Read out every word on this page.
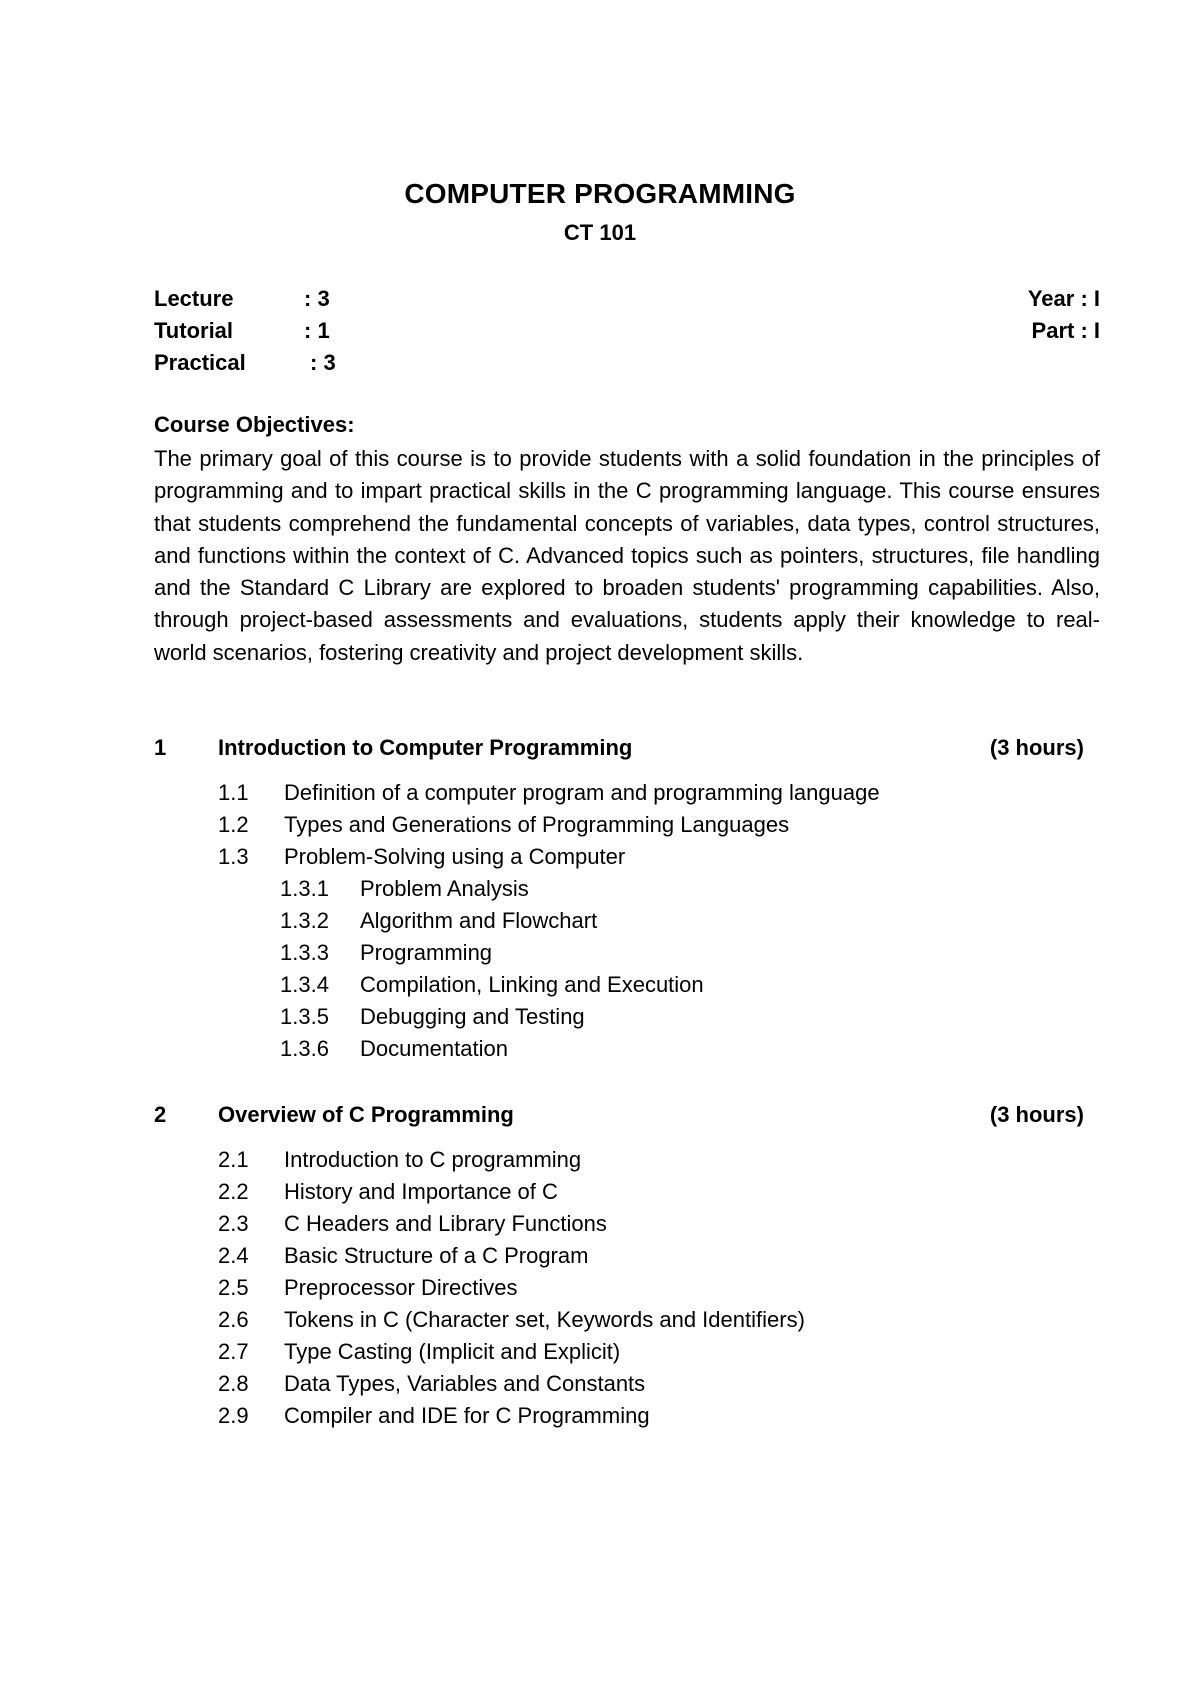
COMPUTER PROGRAMMING
CT 101
Lecture	: 3	Year : I
Tutorial	: 1	Part : I
Practical	: 3
Course Objectives:
The primary goal of this course is to provide students with a solid foundation in the principles of programming and to impart practical skills in the C programming language. This course ensures that students comprehend the fundamental concepts of variables, data types, control structures, and functions within the context of C. Advanced topics such as pointers, structures, file handling and the Standard C Library are explored to broaden students' programming capabilities. Also, through project-based assessments and evaluations, students apply their knowledge to real-world scenarios, fostering creativity and project development skills.
1 Introduction to Computer Programming	(3 hours)
1.1 Definition of a computer program and programming language
1.2 Types and Generations of Programming Languages
1.3 Problem-Solving using a Computer
1.3.1 Problem Analysis
1.3.2 Algorithm and Flowchart
1.3.3 Programming
1.3.4 Compilation, Linking and Execution
1.3.5 Debugging and Testing
1.3.6 Documentation
2 Overview of C Programming	(3 hours)
2.1 Introduction to C programming
2.2 History and Importance of C
2.3 C Headers and Library Functions
2.4 Basic Structure of a C Program
2.5 Preprocessor Directives
2.6 Tokens in C (Character set, Keywords and Identifiers)
2.7 Type Casting (Implicit and Explicit)
2.8 Data Types, Variables and Constants
2.9 Compiler and IDE for C Programming
